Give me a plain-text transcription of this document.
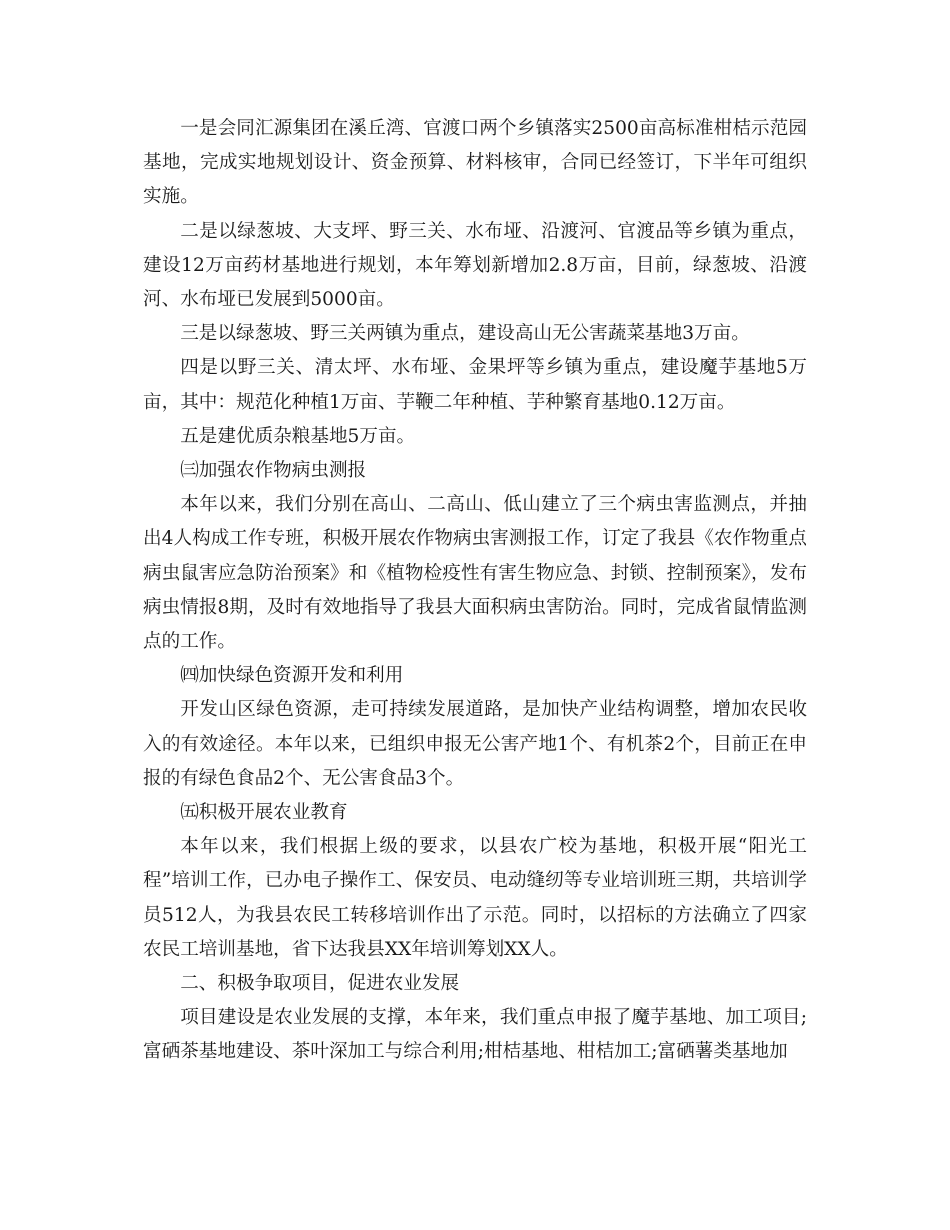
一是会同汇源集团在溪丘湾、官渡口两个乡镇落实2500亩高标准柑桔示范园基地，完成实地规划设计、资金预算、材料核审，合同已经签订，下半年可组织实施。

二是以绿葱坡、大支坪、野三关、水布垭、沿渡河、官渡品等乡镇为重点，建设12万亩药材基地进行规划，本年筹划新增加2.8万亩，目前，绿葱坡、沿渡河、水布垭已发展到5000亩。

三是以绿葱坡、野三关两镇为重点，建设高山无公害蔬菜基地3万亩。

四是以野三关、清太坪、水布垭、金果坪等乡镇为重点，建设魔芋基地5万亩，其中：规范化种植1万亩、芋鞭二年种植、芋种繁育基地0.12万亩。

五是建优质杂粮基地5万亩。

㈢加强农作物病虫测报

本年以来，我们分别在高山、二高山、低山建立了三个病虫害监测点，并抽出4人构成工作专班，积极开展农作物病虫害测报工作，订定了我县《农作物重点病虫鼠害应急防治预案》和《植物检疫性有害生物应急、封锁、控制预案》，发布病虫情报8期，及时有效地指导了我县大面积病虫害防治。同时，完成省鼠情监测点的工作。

㈣加快绿色资源开发和利用

开发山区绿色资源，走可持续发展道路，是加快产业结构调整，增加农民收入的有效途径。本年以来，已组织申报无公害产地1个、有机茶2个，目前正在申报的有绿色食品2个、无公害食品3个。

㈤积极开展农业教育

本年以来，我们根据上级的要求，以县农广校为基地，积极开展“阳光工程”培训工作，已办电子操作工、保安员、电动缝纫等专业培训班三期，共培训学员512人，为我县农民工转移培训作出了示范。同时，以招标的方法确立了四家农民工培训基地，省下达我县XX年培训筹划XX人。

二、积极争取项目，促进农业发展

项目建设是农业发展的支撑，本年来，我们重点申报了魔芋基地、加工项目;富硒茶基地建设、茶叶深加工与综合利用;柑桔基地、柑桔加工;富硒薯类基地加
